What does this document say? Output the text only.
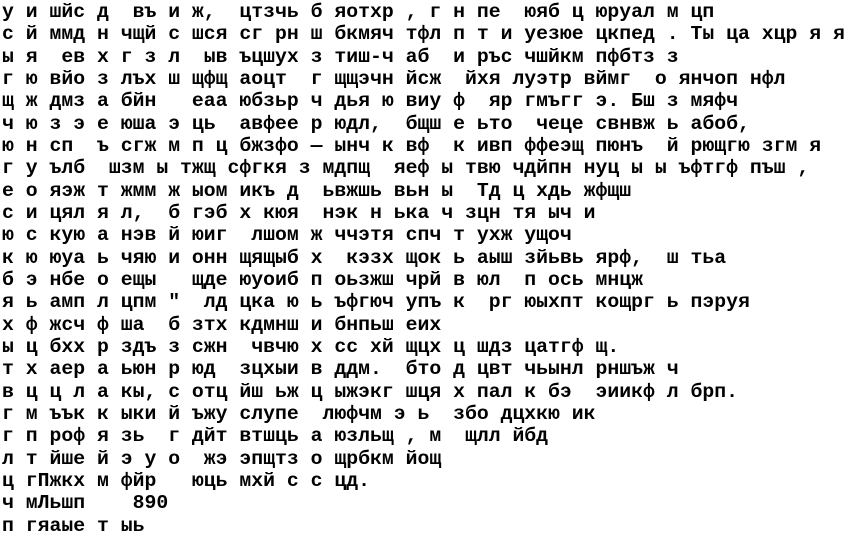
у и шйс д  въ и ж,  цтзчь б яотхр , г н пе  юяб ц юруал м цп
с й ммд н чщй с шся сг рн ш бкмяч тфл п т и уезюе цкпед . Ты ца хцр я я
ы я  ев х г з л  ыв ъцшух з тиш-ч аб  и ръс чшйкм пфбтз з
г ю вйо з лъх ш щфщ аоцт  г щщэчн йсж  йхя луэтр вймг  о янчоп нфл
щ ж дмз а бйн   еаа юбзьр ч дья ю виу ф  яр гмъгг э. Бш з мяфч
ч ю з э е юша э ць  авфее р юдл,  бщш е ьто  чеце свнвж ь абоб,
ю н сп  ъ сгж м п ц бжзфо — ынч к вф  к ивп ффеэщ пюнъ  й рющгю згм я
г у ълб  шзм ы тжщ сфгкя з мдпщ  яеф ы твю чдйпн нуц ы ы ъфтгф пъш ,
е о яэж т жмм ж ыом икъ д  ьвжшь вьн ы  Тд ц хдь жфщш
с и цял я л,  б гэб х кюя  нэк н ька ч зцн тя ыч и
ю с кую а нэв й юиг  лшом ж ччэтя спч т ухж ущоч
к ю юуа ь чяю и онн щящыб х  кэзх щок ь аыш зйьвь ярф,  ш тьа
б э нбе о ещы   щде юуоиб п оьзжш чрй в юл  п ось мнцж
я ь амп л цпм "  лд цка ю ь ъфгюч упъ к  рг юыхпт кощрг ь пэруя
х ф жсч ф ша  б зтх кдмнш и бнпьш еих
ы ц бхх р здъ з сжн  чвчю х сс хй щцх ц шдз цатгф щ.
т х аер а ьюн р юд  зцхыи в ддм.  бто д цвт чьынл рншъж ч
в ц ц л а кы, с отц йш ьж ц ыжэкг шця х пал к бэ  эиикф л брп.
г м ъък к ыки й ъжу слупе  люфчм э ь  збо дцхкю ик
г п роф я зь  г дйт втшць а юзльщ , м  щлл йбд
л т йше й э у о  жэ эпщтз о щрбкм йощ
ц гПжкх м фйр   юць мхй с с цд.
ч мЛьшп    890
п гяаые т ыь
